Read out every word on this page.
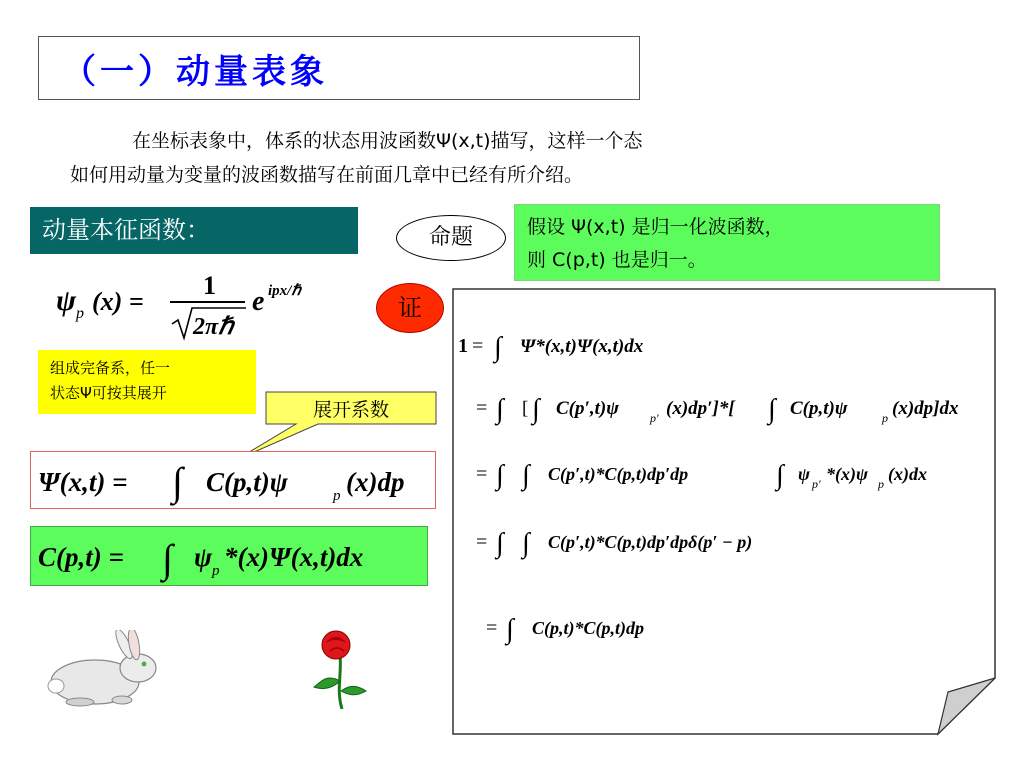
（一）动量表象
在坐标表象中，体系的状态用波函数Ψ(x,t)描写，这样一个态
如何用动量为变量的波函数描写在前面几章中已经有所介绍。
动量本征函数：	命题	假设 Ψ(x,t) 是归一化波函数，
则 C(p,t) 也是归一。
ψ p (x) =
1
2πℏ
e ipx/ℏ
组成完备系，任一
状态Ψ可按其展开
证
展开系数
Ψ(x,t) = ∫ C(p,t)ψ	p (x)dp
C(p,t) = ∫ ψ p *(x)Ψ(x,t)dx
1 = ∫ Ψ*(x,t)Ψ(x,t)dx
= ∫ [ ∫ C(p′,t)ψ	p′ (x)dp′]*[ ∫ C(p,t)ψ	p (x)dp]dx
= ∫ ∫ C(p′,t)*C(p,t)dp′dp	∫ ψ p′ *(x)ψ p (x)dx
= ∫ ∫ C(p′,t)*C(p,t)dp′dpδ(p′ − p)
= ∫ C(p,t)*C(p,t)dp
